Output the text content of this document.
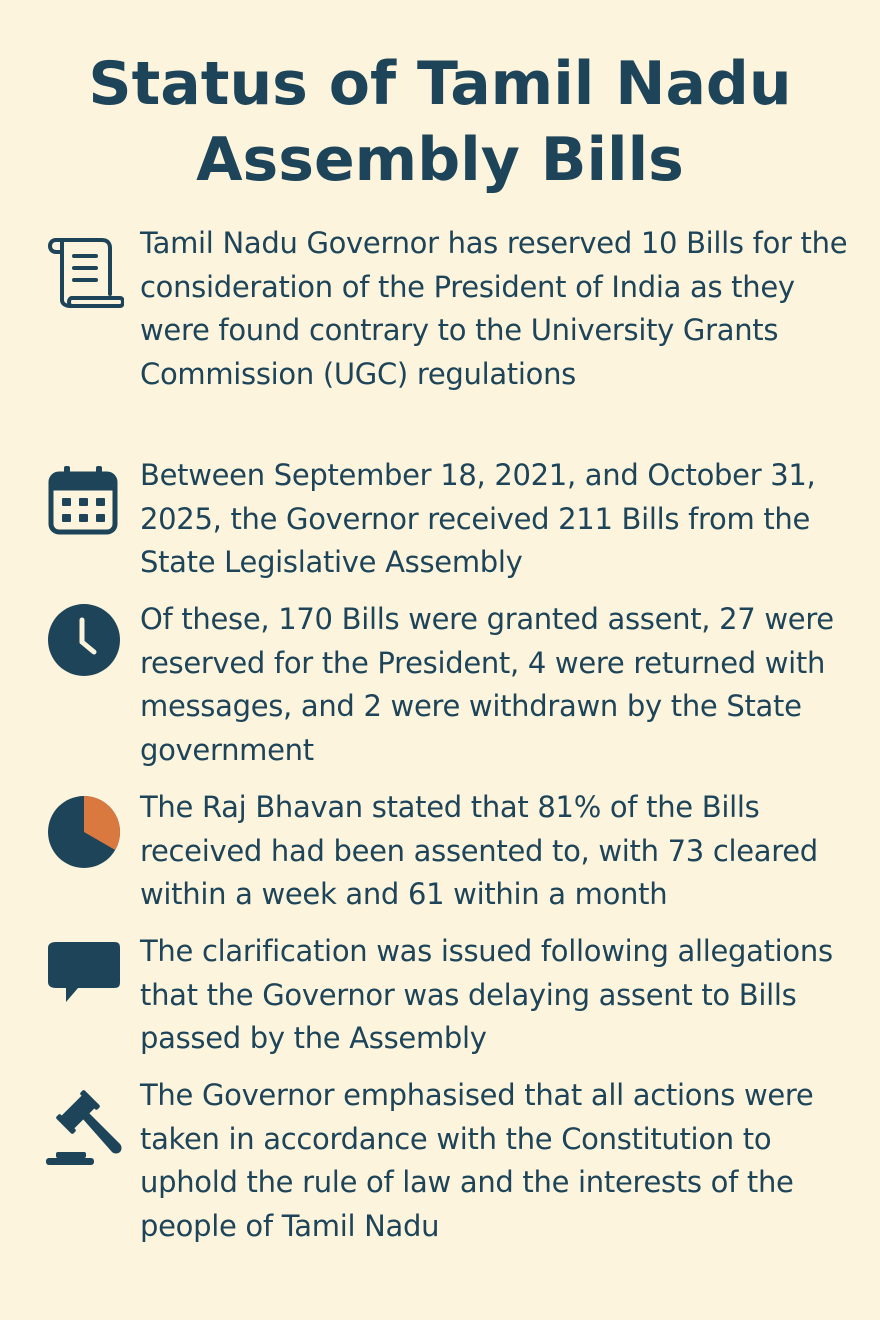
Status of Tamil Nadu Assembly Bills

Tamil Nadu Governor has reserved 10 Bills for the consideration of the President of India as they were found contrary to the University Grants Commission (UGC) regulations

Between September 18, 2021, and October 31, 2025, the Governor received 211 Bills from the State Legislative Assembly

Of these, 170 Bills were granted assent, 27 were reserved for the President, 4 were returned with messages, and 2 were withdrawn by the State government

The Raj Bhavan stated that 81% of the Bills received had been assented to, with 73 cleared within a week and 61 within a month

The clarification was issued following allegations that the Governor was delaying assent to Bills passed by the Assembly

The Governor emphasised that all actions were taken in accordance with the Constitution to uphold the rule of law and the interests of the people of Tamil Nadu
